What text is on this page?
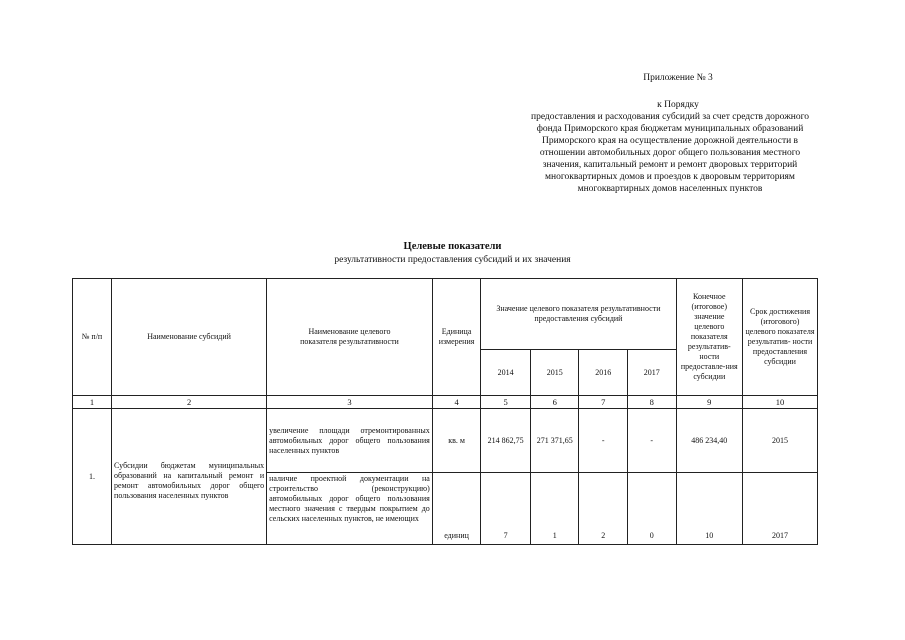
Приложение № 3
к Порядку
предоставления и расходования субсидий за счет средств дорожного фонда Приморского края бюджетам муниципальных образований Приморского края на осуществление дорожной деятельности в отношении автомобильных дорог общего пользования местного значения, капитальный ремонт и ремонт дворовых территорий многоквартирных домов и проездов к дворовым территориям многоквартирных домов населенных пунктов
Целевые показатели
результативности предоставления субсидий и их значения
№ п/п	Наименование субсидий	Наименование целевого показателя результативности	Единица измерения	Значение целевого показателя результативности предоставления субсидий				Конечное (итоговое) значение целевого показателя результатив-ности предоставле-ния субсидии	Срок достижения (итогового) целевого показателя результатив- ности предоставления субсидии
				2014	2015	2016	2017		
1	2	3	4	5	6	7	8	9	10
1.	Субсидии бюджетам муниципальных образований на капитальный ремонт и ремонт автомобильных дорог общего пользования населенных пунктов	увеличение площади отремонтированных автомобильных дорог общего пользования населенных пунктов	кв. м	214 862,75	271 371,65	-	-	486 234,40	2015
		наличие проектной документации на строительство (реконструкцию) автомобильных дорог общего пользования местного значения с твердым покрытием до сельских населенных пунктов, не имеющих	единиц	7	1	2	0	10	2017
